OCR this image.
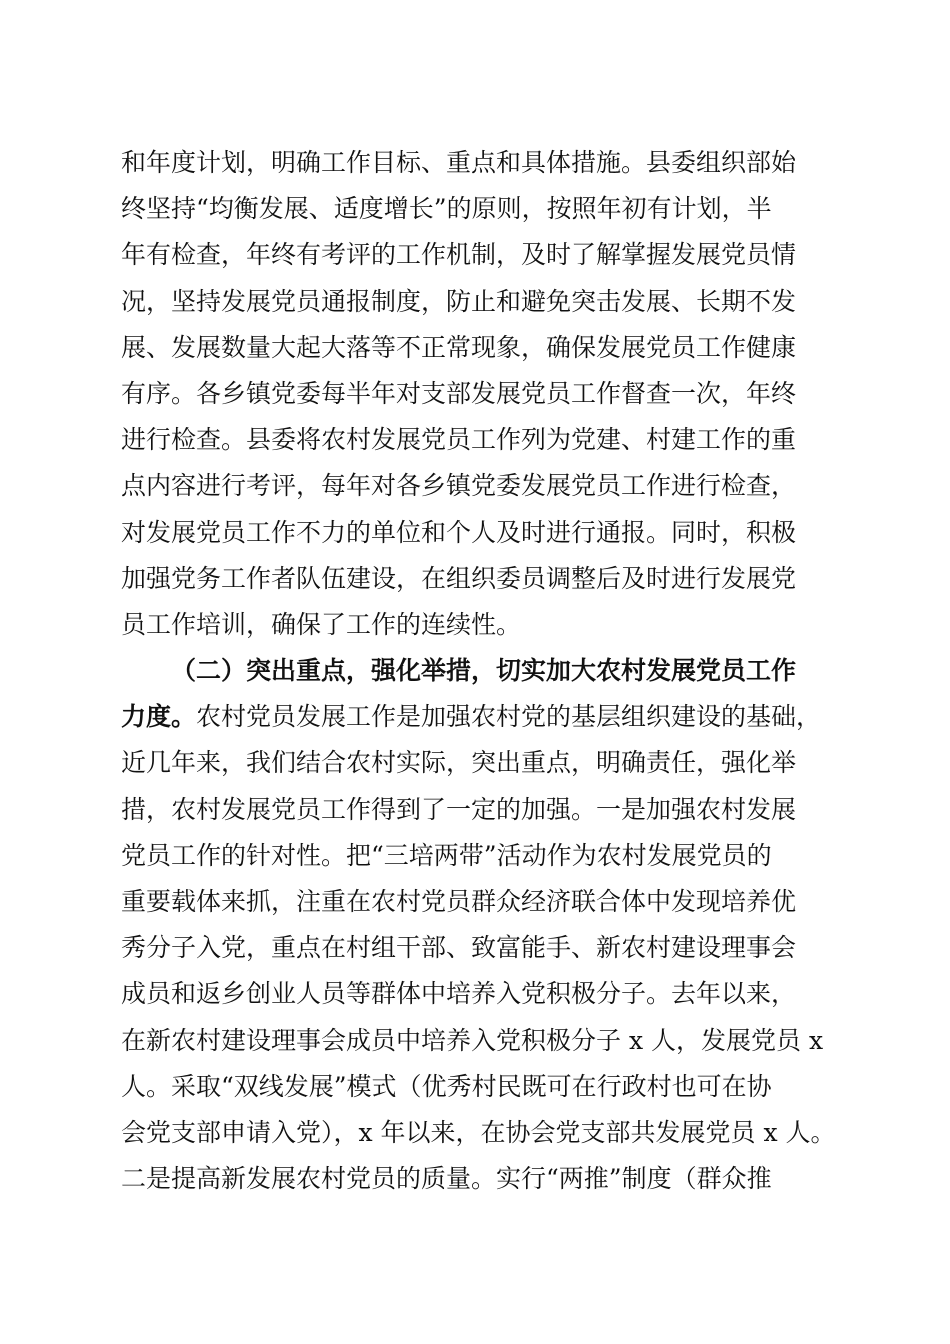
和年度计划，明确工作目标、重点和具体措施。县委组织部始
终坚持“均衡发展、适度增长”的原则，按照年初有计划，半
年有检查，年终有考评的工作机制，及时了解掌握发展党员情
况，坚持发展党员通报制度，防止和避免突击发展、长期不发
展、发展数量大起大落等不正常现象，确保发展党员工作健康
有序。各乡镇党委每半年对支部发展党员工作督查一次，年终
进行检查。县委将农村发展党员工作列为党建、村建工作的重
点内容进行考评，每年对各乡镇党委发展党员工作进行检查，
对发展党员工作不力的单位和个人及时进行通报。同时，积极
加强党务工作者队伍建设，在组织委员调整后及时进行发展党
员工作培训，确保了工作的连续性。
（二）突出重点，强化举措，切实加大农村发展党员工作
力度。农村党员发展工作是加强农村党的基层组织建设的基础，
近几年来，我们结合农村实际，突出重点，明确责任，强化举
措，农村发展党员工作得到了一定的加强。一是加强农村发展
党员工作的针对性。把“三培两带”活动作为农村发展党员的
重要载体来抓，注重在农村党员群众经济联合体中发现培养优
秀分子入党，重点在村组干部、致富能手、新农村建设理事会
成员和返乡创业人员等群体中培养入党积极分子。去年以来，
在新农村建设理事会成员中培养入党积极分子 x 人，发展党员 x
人。采取“双线发展”模式（优秀村民既可在行政村也可在协
会党支部申请入党），x 年以来，在协会党支部共发展党员 x 人。
二是提高新发展农村党员的质量。实行“两推”制度（群众推
